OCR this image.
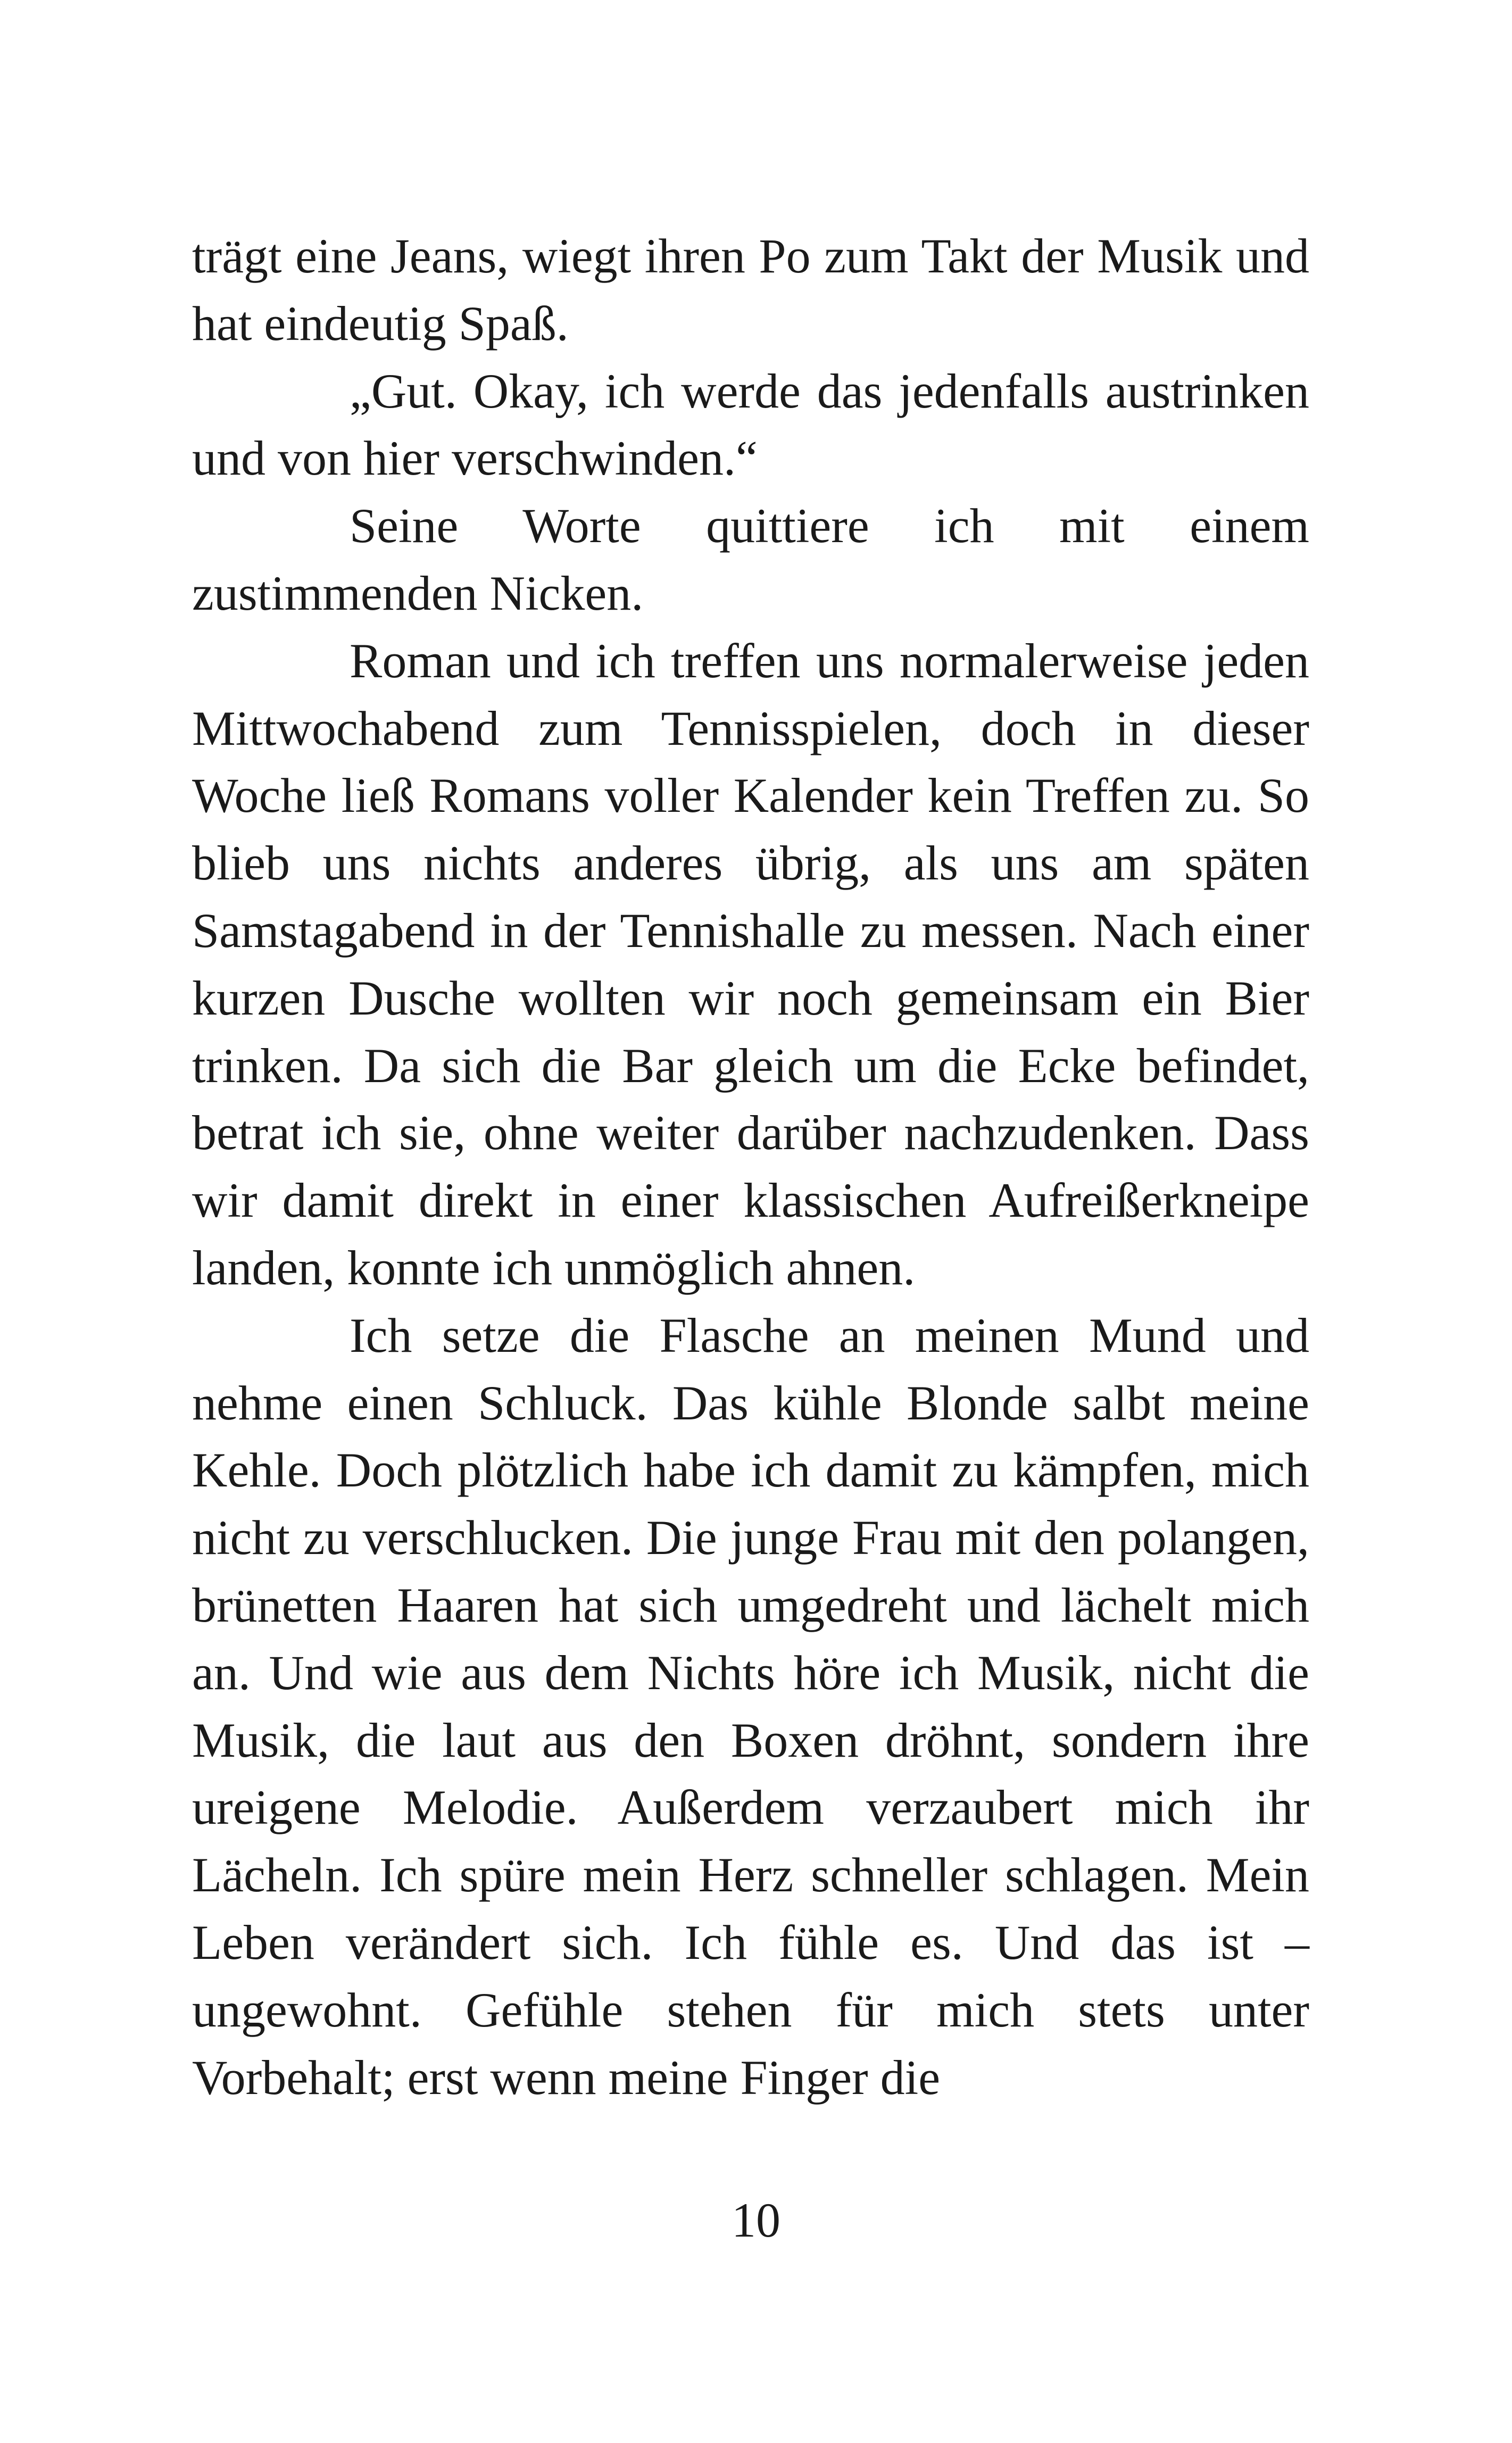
trägt eine Jeans, wiegt ihren Po zum Takt der Musik und hat eindeutig Spaß.

„Gut. Okay, ich werde das jedenfalls austrinken und von hier verschwinden.“

Seine Worte quittiere ich mit einem zustimmenden Nicken.

Roman und ich treffen uns normalerweise jeden Mittwochabend zum Tennisspielen, doch in dieser Woche ließ Romans voller Kalender kein Treffen zu. So blieb uns nichts anderes übrig, als uns am späten Samstagabend in der Tennishalle zu messen. Nach einer kurzen Dusche wollten wir noch gemeinsam ein Bier trinken. Da sich die Bar gleich um die Ecke befindet, betrat ich sie, ohne weiter darüber nachzudenken. Dass wir damit direkt in einer klassischen Aufreißerkneipe landen, konnte ich unmöglich ahnen.

Ich setze die Flasche an meinen Mund und nehme einen Schluck. Das kühle Blonde salbt meine Kehle. Doch plötzlich habe ich damit zu kämpfen, mich nicht zu verschlucken. Die junge Frau mit den polangen, brünetten Haaren hat sich umgedreht und lächelt mich an. Und wie aus dem Nichts höre ich Musik, nicht die Musik, die laut aus den Boxen dröhnt, sondern ihre ureigene Melodie. Außerdem verzaubert mich ihr Lächeln. Ich spüre mein Herz schneller schlagen. Mein Leben verändert sich. Ich fühle es. Und das ist – ungewohnt. Gefühle stehen für mich stets unter Vorbehalt; erst wenn meine Finger die

10
